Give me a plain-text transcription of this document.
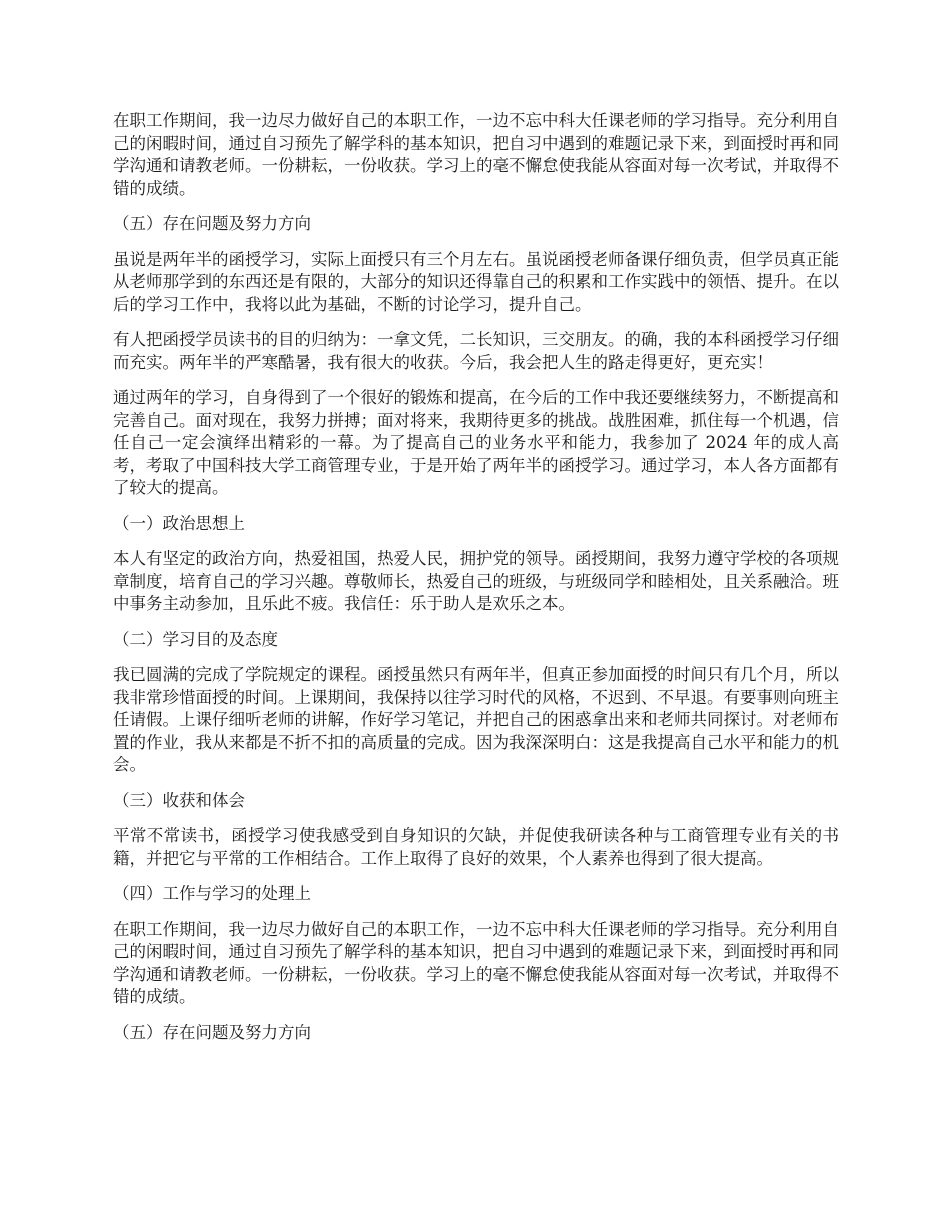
在职工作期间，我一边尽力做好自己的本职工作，一边不忘中科大任课老师的学习指导。充分利用自己的闲暇时间，通过自习预先了解学科的基本知识，把自习中遇到的难题记录下来，到面授时再和同学沟通和请教老师。一份耕耘，一份收获。学习上的毫不懈怠使我能从容面对每一次考试，并取得不错的成绩。

（五）存在问题及努力方向

虽说是两年半的函授学习，实际上面授只有三个月左右。虽说函授老师备课仔细负责，但学员真正能从老师那学到的东西还是有限的，大部分的知识还得靠自己的积累和工作实践中的领悟、提升。在以后的学习工作中，我将以此为基础，不断的讨论学习，提升自己。

有人把函授学员读书的目的归纳为：一拿文凭，二长知识，三交朋友。的确，我的本科函授学习仔细而充实。两年半的严寒酷暑，我有很大的收获。今后，我会把人生的路走得更好，更充实！

通过两年的学习，自身得到了一个很好的锻炼和提高，在今后的工作中我还要继续努力，不断提高和完善自己。面对现在，我努力拼搏；面对将来，我期待更多的挑战。战胜困难，抓住每一个机遇，信任自己一定会演绎出精彩的一幕。为了提高自己的业务水平和能力，我参加了 2024 年的成人高考，考取了中国科技大学工商管理专业，于是开始了两年半的函授学习。通过学习，本人各方面都有了较大的提高。

（一）政治思想上

本人有坚定的政治方向，热爱祖国，热爱人民，拥护党的领导。函授期间，我努力遵守学校的各项规章制度，培育自己的学习兴趣。尊敬师长，热爱自己的班级，与班级同学和睦相处，且关系融洽。班中事务主动参加，且乐此不疲。我信任：乐于助人是欢乐之本。

（二）学习目的及态度

我已圆满的完成了学院规定的课程。函授虽然只有两年半，但真正参加面授的时间只有几个月，所以我非常珍惜面授的时间。上课期间，我保持以往学习时代的风格，不迟到、不早退。有要事则向班主任请假。上课仔细听老师的讲解，作好学习笔记，并把自己的困惑拿出来和老师共同探讨。对老师布置的作业，我从来都是不折不扣的高质量的完成。因为我深深明白：这是我提高自己水平和能力的机会。

（三）收获和体会

平常不常读书，函授学习使我感受到自身知识的欠缺，并促使我研读各种与工商管理专业有关的书籍，并把它与平常的工作相结合。工作上取得了良好的效果，个人素养也得到了很大提高。

（四）工作与学习的处理上

在职工作期间，我一边尽力做好自己的本职工作，一边不忘中科大任课老师的学习指导。充分利用自己的闲暇时间，通过自习预先了解学科的基本知识，把自习中遇到的难题记录下来，到面授时再和同学沟通和请教老师。一份耕耘，一份收获。学习上的毫不懈怠使我能从容面对每一次考试，并取得不错的成绩。

（五）存在问题及努力方向
